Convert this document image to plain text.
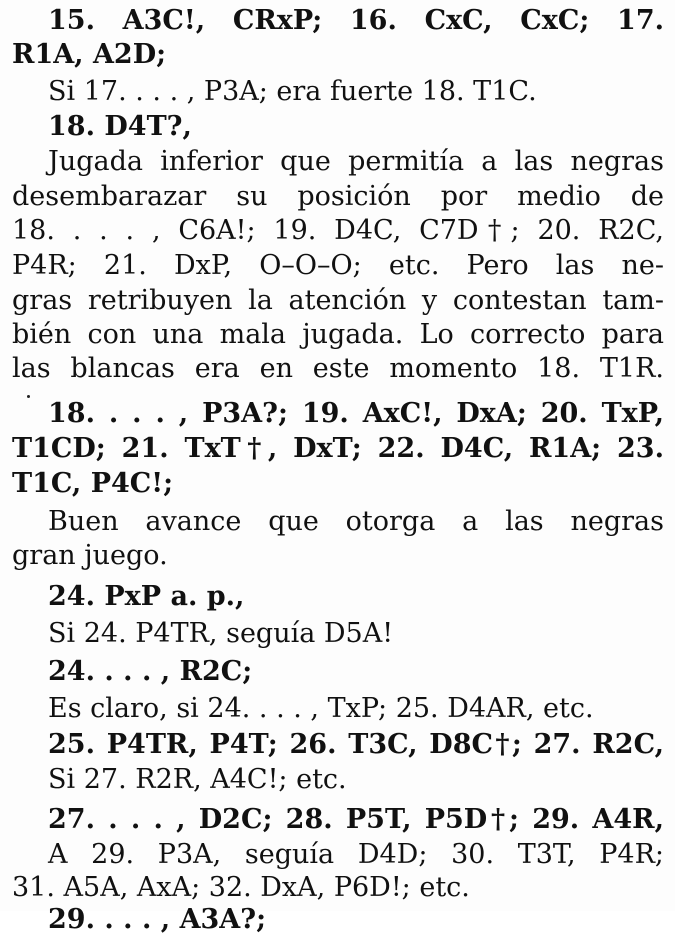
15. A3C!, CRxP; 16. CxC, CxC; 17.

R1A, A2D;

Si 17. . . . , P3A; era fuerte 18. T1C.

18. D4T?,

Jugada inferior que permitía a las negras

desembarazar su posición por medio de

18. . . . , C6A!; 19. D4C, C7D†; 20. R2C,

P4R; 21. DxP, O–O–O; etc. Pero las ne-

gras retribuyen la atención y contestan tam-

bién con una mala jugada. Lo correcto para

las blancas era en este momento 18. T1R.

18. . . . , P3A?; 19. AxC!, DxA; 20. TxP,

T1CD; 21. TxT†, DxT; 22. D4C, R1A; 23.

T1C, P4C!;

Buen avance que otorga a las negras

gran juego.

24. PxP a. p.,

Si 24. P4TR, seguía D5A!

24. . . . , R2C;

Es claro, si 24. . . . , TxP; 25. D4AR, etc.

25. P4TR, P4T; 26. T3C, D8C†; 27. R2C,

Si 27. R2R, A4C!; etc.

27. . . . , D2C; 28. P5T, P5D†; 29. A4R,

A 29. P3A, seguía D4D; 30. T3T, P4R;

31. A5A, AxA; 32. DxA, P6D!; etc.

29. . . . , A3A?;
